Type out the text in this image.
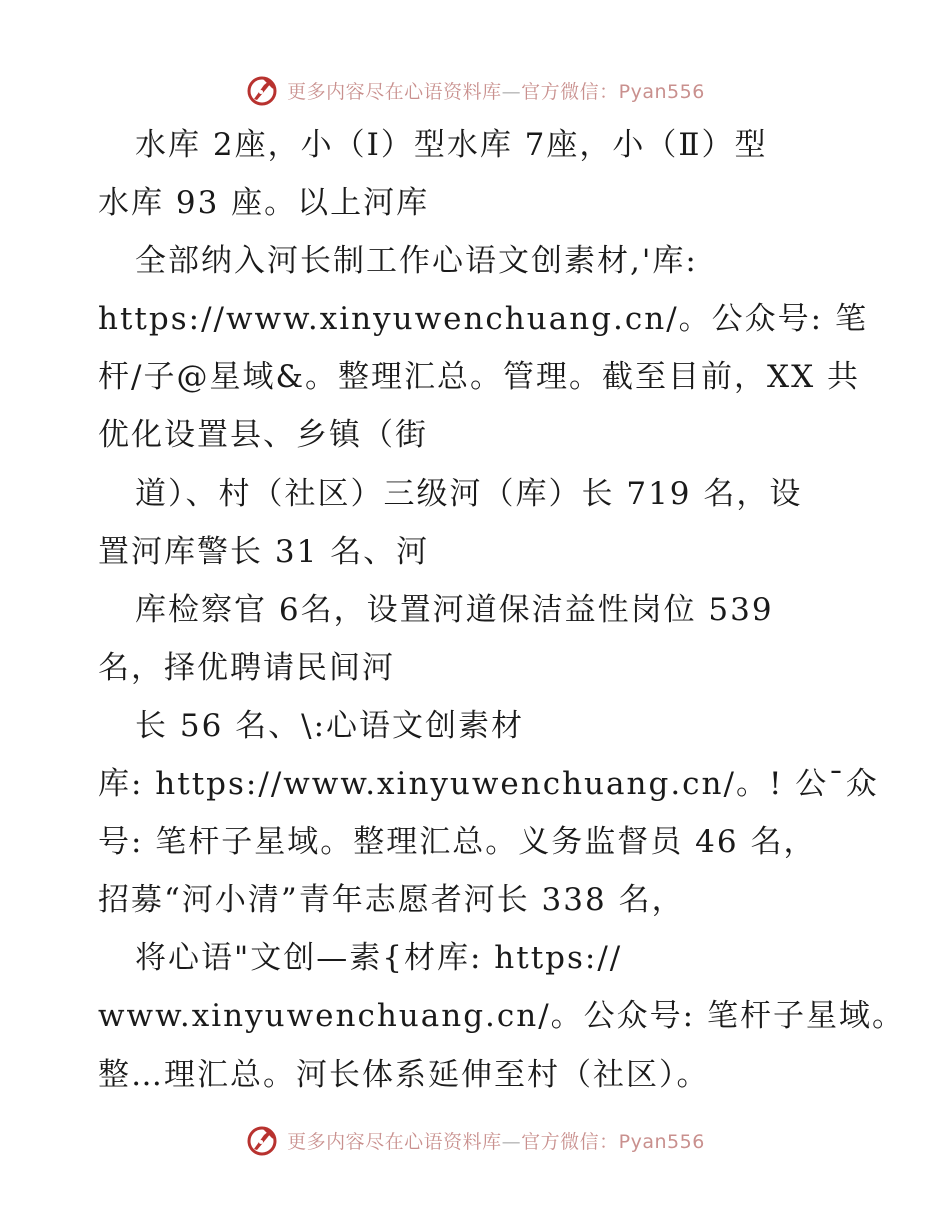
更多内容尽在心语资料库—官方微信：Pyan556
水库 2座，小（Ⅰ）型水库 7座，小（Ⅱ）型
水库 93 座。以上河库
全部纳入河长制工作心语文创素材,'库:
https://www.xinyuwenchuang.cn/。公众号: 笔
杆/子@星域&。整理汇总。管理。截至目前，XX 共
优化设置县、乡镇（街
道）、村（社区）三级河（库）长 719 名，设
置河库警长 31 名、河
库检察官 6名，设置河道保洁益性岗位 539
名，择优聘请民间河
长 56 名、\:心语文创素材
库: https://www.xinyuwenchuang.cn/。! 公¯众
号: 笔杆子星域。整理汇总。义务监督员 46 名，
招募“河小清”青年志愿者河长 338 名，
将心语"文创—素{材库: https://
www.xinyuwenchuang.cn/。公众号: 笔杆子星域。
整…理汇总。河长体系延伸至村（社区）。
更多内容尽在心语资料库—官方微信：Pyan556
